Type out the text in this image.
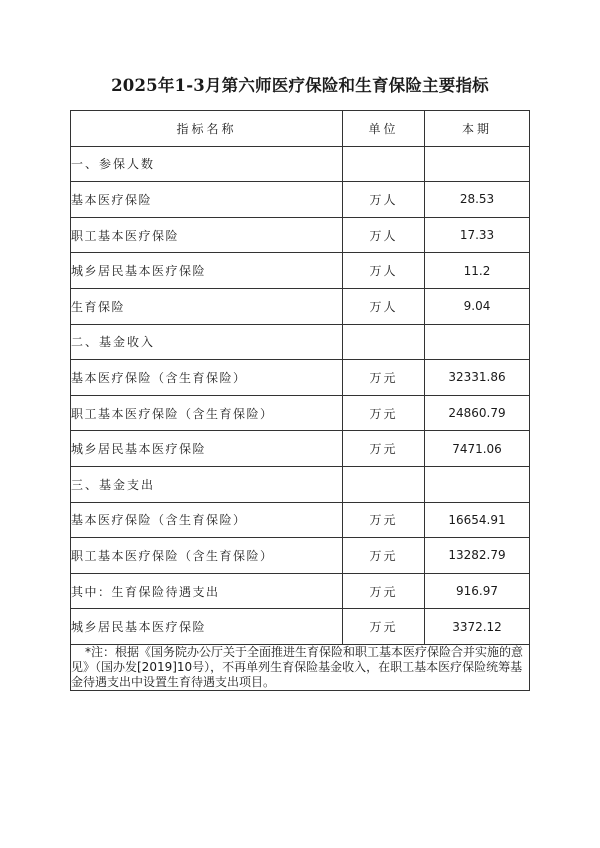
2025年1-3月第六师医疗保险和生育保险主要指标
指标名称	单位	本期
一、参保人数		
基本医疗保险	万人	28.53
职工基本医疗保险	万人	17.33
城乡居民基本医疗保险	万人	11.2
生育保险	万人	9.04
二、基金收入		
基本医疗保险（含生育保险）	万元	32331.86
职工基本医疗保险（含生育保险）	万元	24860.79
城乡居民基本医疗保险	万元	7471.06
三、基金支出		
基本医疗保险（含生育保险）	万元	16654.91
职工基本医疗保险（含生育保险）	万元	13282.79
其中：生育保险待遇支出	万元	916.97
城乡居民基本医疗保险	万元	3372.12
*注：根据《国务院办公厅关于全面推进生育保险和职工基本医疗保险合并实施的意见》（国办发[2019]10号），不再单列生育保险基金收入，在职工基本医疗保险统筹基金待遇支出中设置生育待遇支出项目。		
